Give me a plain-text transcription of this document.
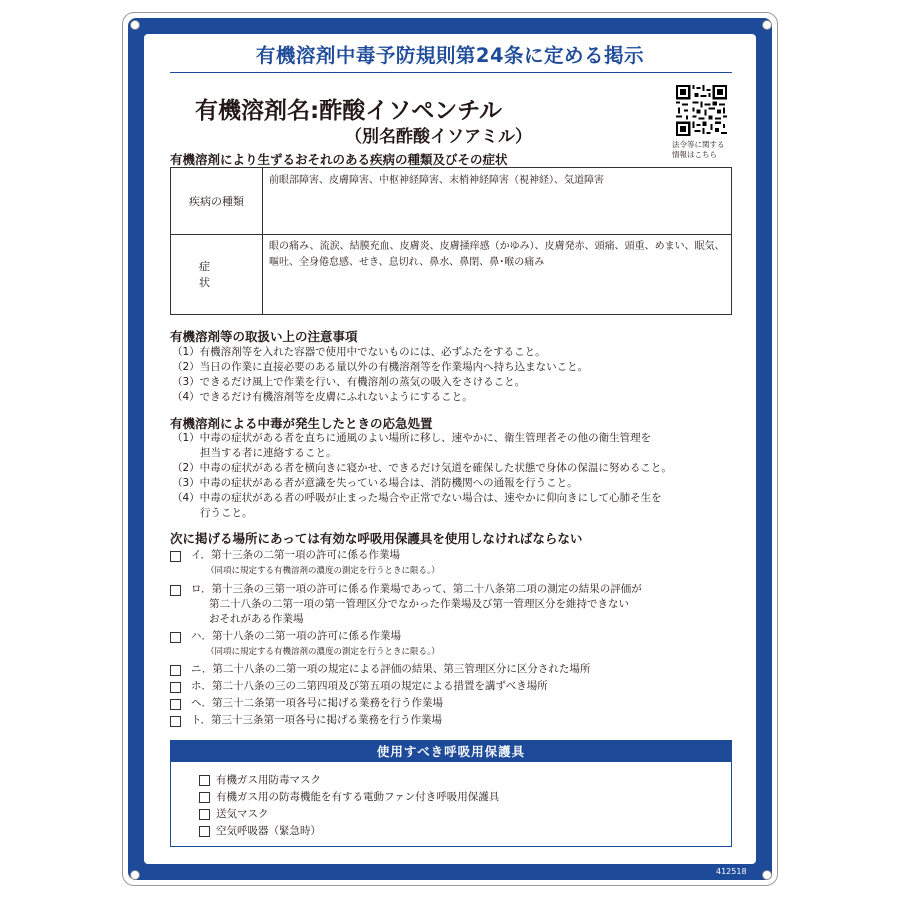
有機溶剤中毒予防規則第24条に定める掲示
有機溶剤名:酢酸イソペンチル
（別名酢酸イソアミル）	法令等に関する
情報はこちら
有機溶剤により生ずるおそれのある疾病の種類及びその症状
疾病の種類
前眼部障害、皮膚障害、中枢神経障害、末梢神経障害（視神経）、気道障害
症状
眼の痛み、流涙、結膜充血、皮膚炎、皮膚掻痒感（かゆみ）、皮膚発赤、頭痛、頭重、めまい、眠気、嘔吐、全身倦怠感、せき、息切れ、鼻水、鼻閉、鼻･喉の痛み
有機溶剤等の取扱い上の注意事項
（1）有機溶剤等を入れた容器で使用中でないものには、必ずふたをすること。
（2）当日の作業に直接必要のある量以外の有機溶剤等を作業場内へ持ち込まないこと。
（3）できるだけ風上で作業を行い、有機溶剤の蒸気の吸入をさけること。
（4）できるだけ有機溶剤等を皮膚にふれないようにすること。
有機溶剤による中毒が発生したときの応急処置
（1）中毒の症状がある者を直ちに通風のよい場所に移し、速やかに、衛生管理者その他の衛生管理を
担当する者に連絡すること。
（2）中毒の症状がある者を横向きに寝かせ、できるだけ気道を確保した状態で身体の保温に努めること。
（3）中毒の症状がある者が意識を失っている場合は、消防機関への通報を行うこと。
（4）中毒の症状がある者の呼吸が止まった場合や正常でない場合は、速やかに仰向きにして心肺そ生を
行うこと。
次に掲げる場所にあっては有効な呼吸用保護具を使用しなければならない
イ．第十三条の二第一項の許可に係る作業場
（同項に規定する有機溶剤の濃度の測定を行うときに限る。）
ロ．第十三条の三第一項の許可に係る作業場であって、第二十八条第二項の測定の結果の評価が
第二十八条の二第一項の第一管理区分でなかった作業場及び第一管理区分を維持できない
おそれがある作業場
ハ．第十八条の二第一項の許可に係る作業場
（同項に規定する有機溶剤の濃度の測定を行うときに限る。）
ニ．第二十八条の二第一項の規定による評価の結果、第三管理区分に区分された場所
ホ．第二十八条の三の二第四項及び第五項の規定による措置を講ずべき場所
ヘ．第三十二条第一項各号に掲げる業務を行う作業場
ト．第三十三条第一項各号に掲げる業務を行う作業場
使用すべき呼吸用保護具
有機ガス用防毒マスク
有機ガス用の防毒機能を有する電動ファン付き呼吸用保護具
送気マスク
空気呼吸器（緊急時）
412518
